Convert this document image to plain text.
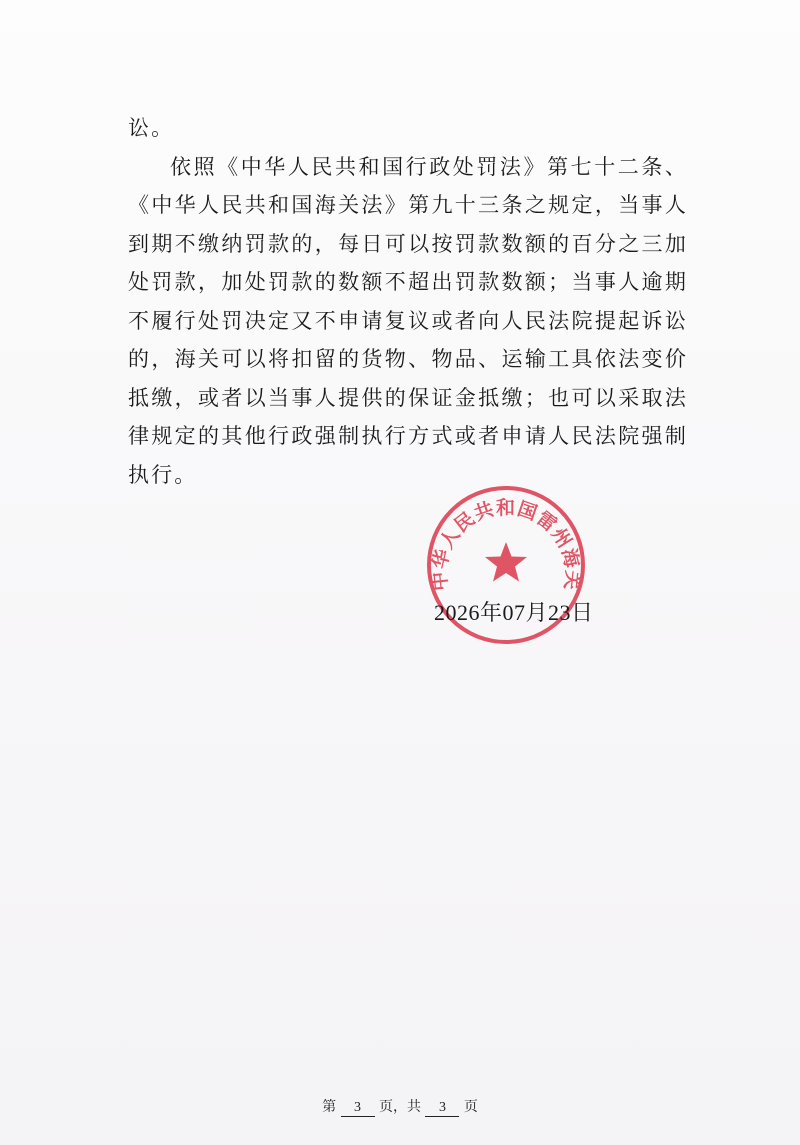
讼。

依照《中华人民共和国行政处罚法》第七十二条、《中华人民共和国海关法》第九十三条之规定，当事人到期不缴纳罚款的，每日可以按罚款数额的百分之三加处罚款，加处罚款的数额不超出罚款数额；当事人逾期不履行处罚决定又不申请复议或者向人民法院提起诉讼的，海关可以将扣留的货物、物品、运输工具依法变价抵缴，或者以当事人提供的保证金抵缴；也可以采取法律规定的其他行政强制执行方式或者申请人民法院强制执行。

中华人民共和国雷州海关
2026年07月23日
第 3 页，共 3 页
